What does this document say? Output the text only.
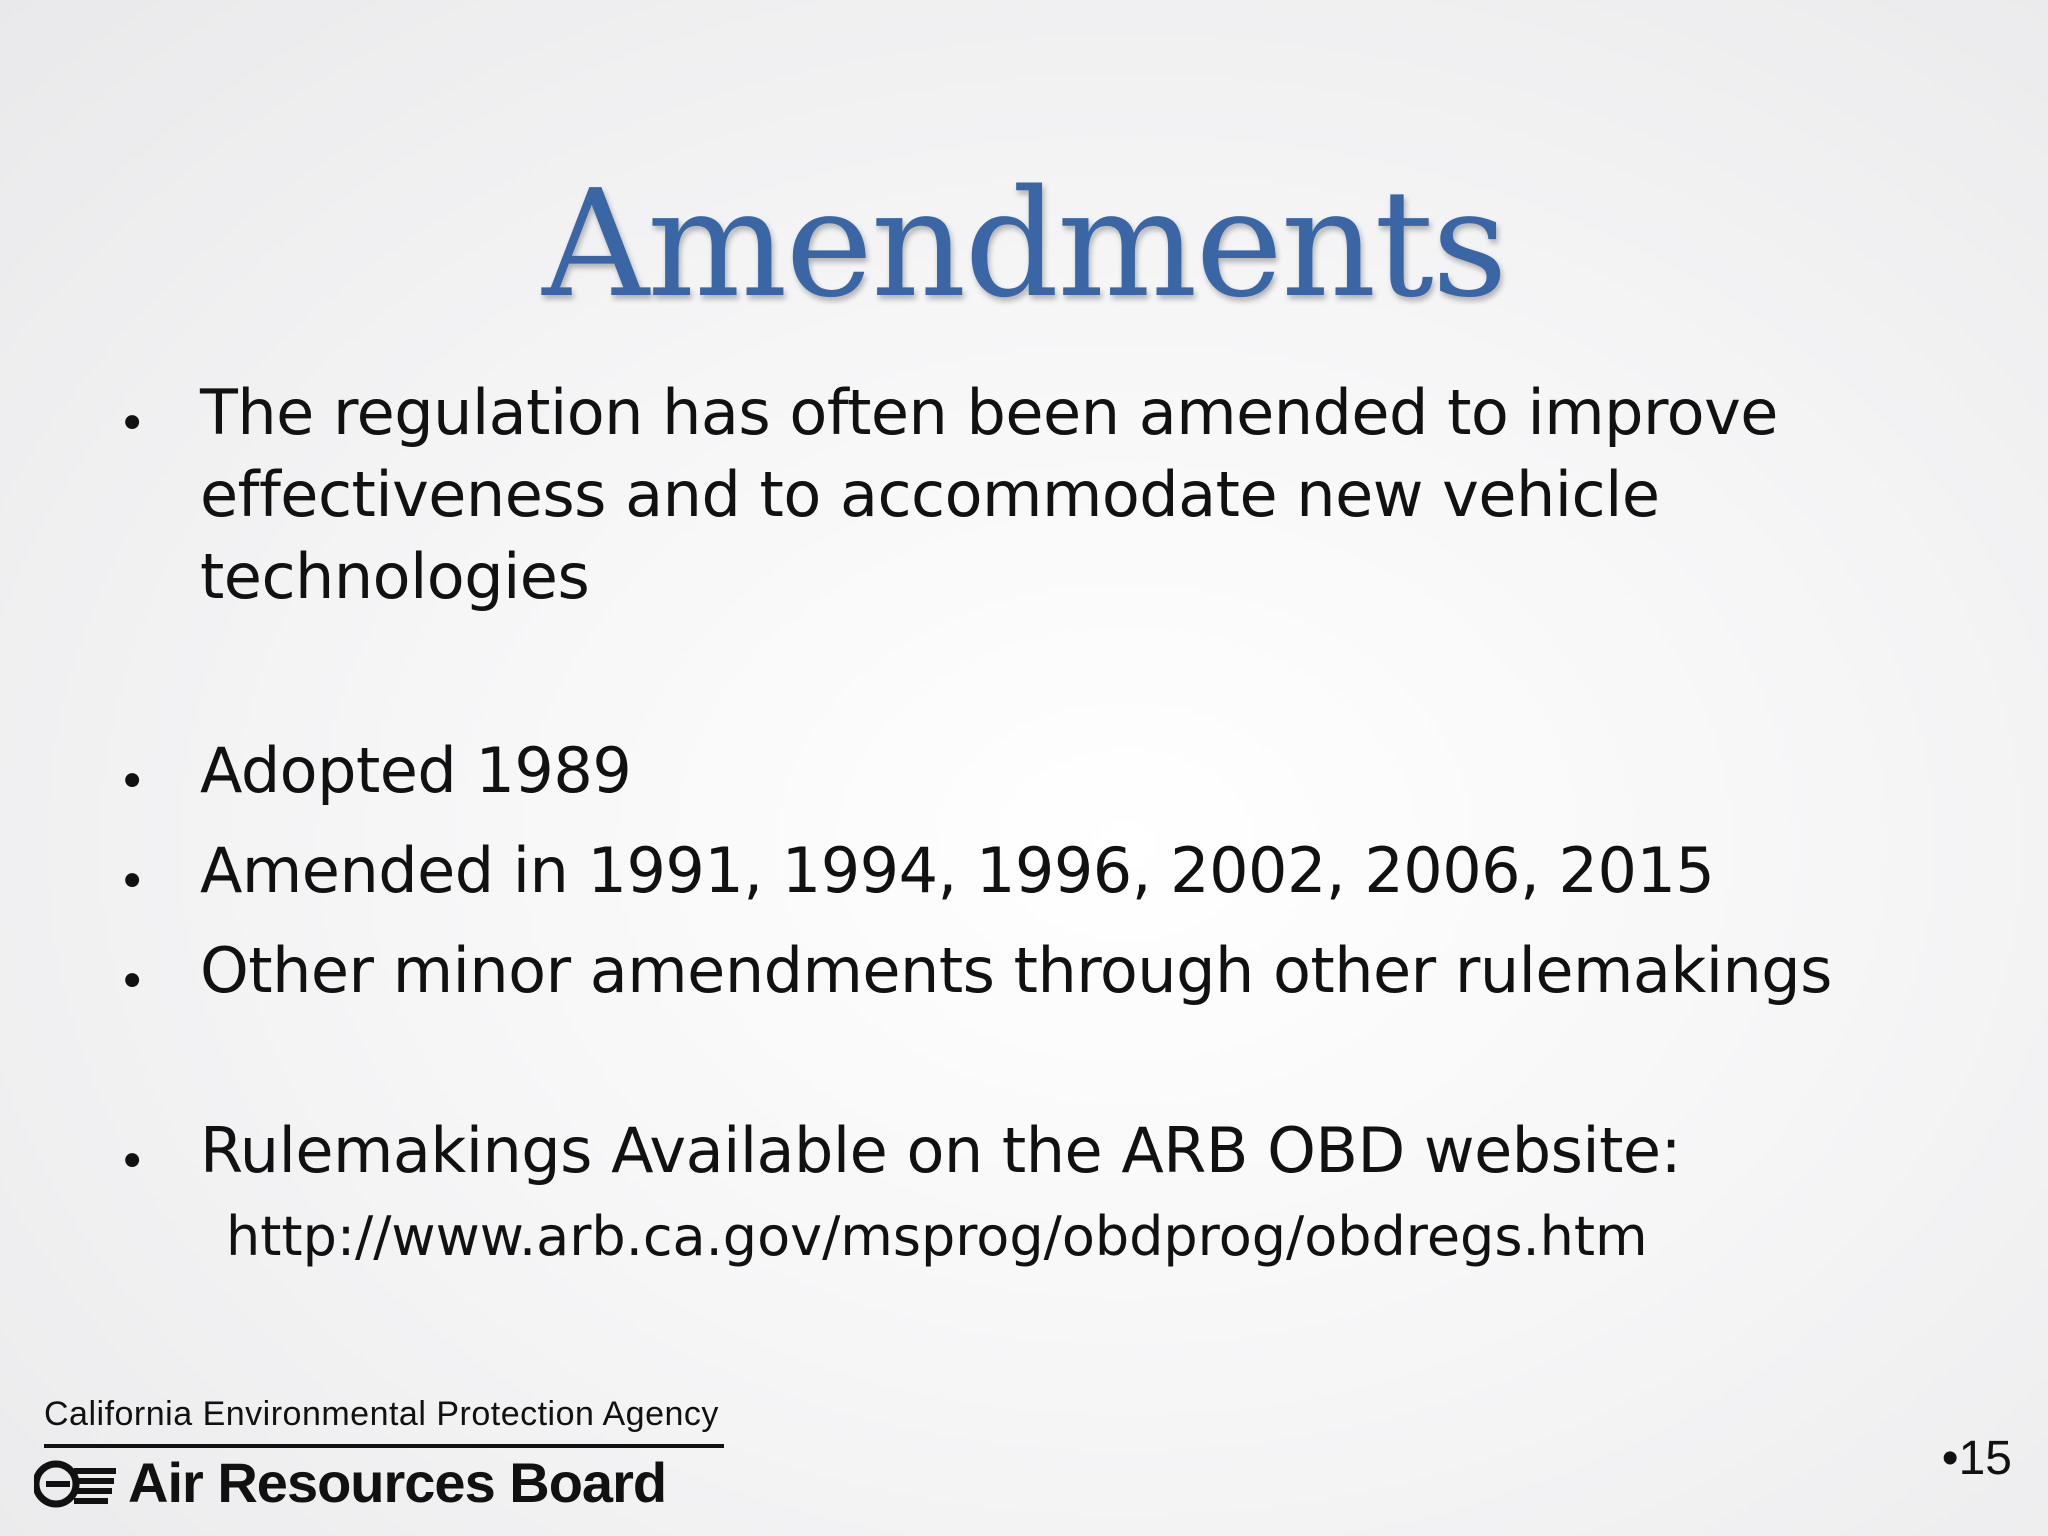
Amendments
• The regulation has often been amended to improve effectiveness and to accommodate new vehicle technologies
• Adopted 1989
• Amended in 1991, 1994, 1996, 2002, 2006, 2015
• Other minor amendments through other rulemakings
• Rulemakings Available on the ARB OBD website:
http://www.arb.ca.gov/msprog/obdprog/obdregs.htm
California Environmental Protection Agency
Air Resources Board	•15
